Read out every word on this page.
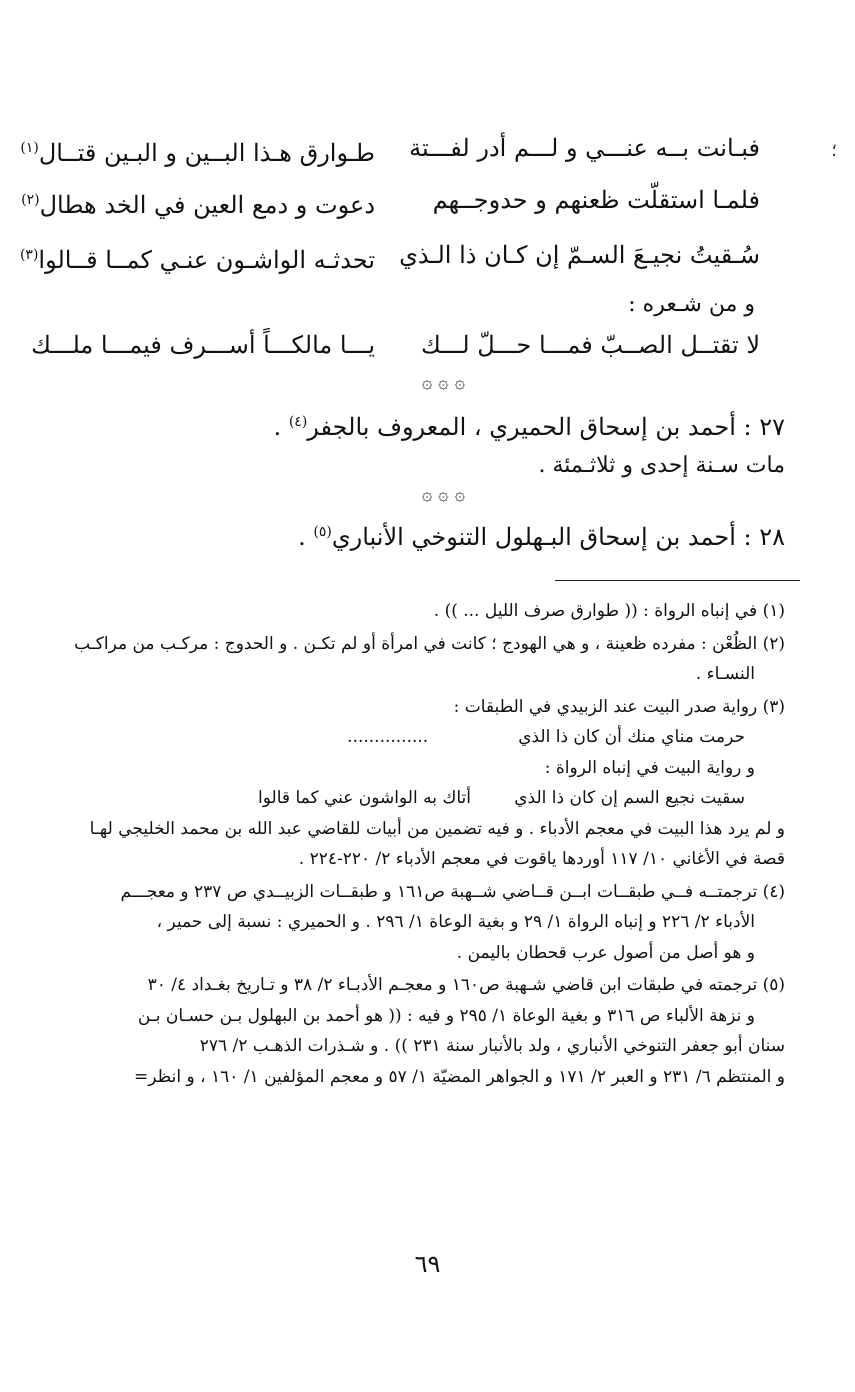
؛
فبـانت بــه عنـــي و لـــم أدر لفـــتة
طـوارق هـذا البــين و البـين قتــال$^{(١)}$
فلمـا استقلّت ظعنهم و حدوجــهم
دعوت و دمع العين في الخد هطال$^{(٢)}$
سُـقيتُ نجيـعَ السـمّ إن كـان ذا الـذي
تحدثـه الواشـون عنـي كمــا قــالوا$^{(٣)}$
و من شـعره :
لا تقتــل الصــبّ فمـــا حـــلّ لـــك
يـــا مالكـــاً أســـرف فيمـــا ملـــك
۞ ۞ ۞
٢٧ : أحمد بن إسحاق الحميري ، المعروف بالجفر$^{(٤)}$ .
مات سـنة إحدى و ثلاثـمئة .
۞ ۞ ۞
٢٨ : أحمد بن إسحاق البـهلول التنوخي الأنباري$^{(٥)}$ .

(١) في إنباه الرواة : (( طوارق صرف الليل ... )) .

(٢) الظُعْن : مفرده ظعينة ، و هي الهودج ؛ كانت في امرأة أو لم تكـن . و الحدوج : مركـب من مراكـب
النسـاء .

(٣) رواية صدر البيت عند الزبيدي في الطبقات :
حرمت مناي منك أن كان ذا الذي...............
و رواية البيت في إنباه الرواة :
سقيت نجيع السم إن كان ذا الذي        أتاك به الواشون عني كما قالوا
و لم يرد هذا البيت في معجم الأدباء . و فيه تضمين من أبيات للقاضي عبد الله بن محمد الخليجي لهـا
قصة في الأغاني ١٠/ ١١٧ أوردها ياقوت في معجم الأدباء ٢/ ٢٢٠-٢٢٤ .

(٤) ترجمتــه فــي طبقــات ابــن قــاضي شــهبة ص١٦١ و طبقــات الزبيــدي ص ٢٣٧ و معجـــم
الأدباء ٢/ ٢٢٦ و إنباه الرواة ١/ ٢٩ و بغية الوعاة ١/ ٢٩٦ . و الحميري : نسبة إلى حمير ،
و هو أصل من أصول عرب قحطان باليمن .

(٥) ترجمته في طبقات ابن قاضي شـهبة ص١٦٠ و معجـم الأدبـاء ٢/ ٣٨ و تـاريخ بغـداد ٤/ ٣٠
و نزهة الألباء ص ٣١٦ و بغية الوعاة ١/ ٢٩٥ و فيه : (( هو أحمد بن البهلول بـن حسـان بـن
سنان أبو جعفر التنوخي الأنباري ، ولد بالأنبار سنة ٢٣١ )) . و شـذرات الذهـب ٢/ ٢٧٦
و المنتظم ٦/ ٢٣١ و العبر ٢/ ١٧١ و الجواهر المضيّة ١/ ٥٧ و معجم المؤلفين ١/ ١٦٠ ، و انظر=

٦٩
